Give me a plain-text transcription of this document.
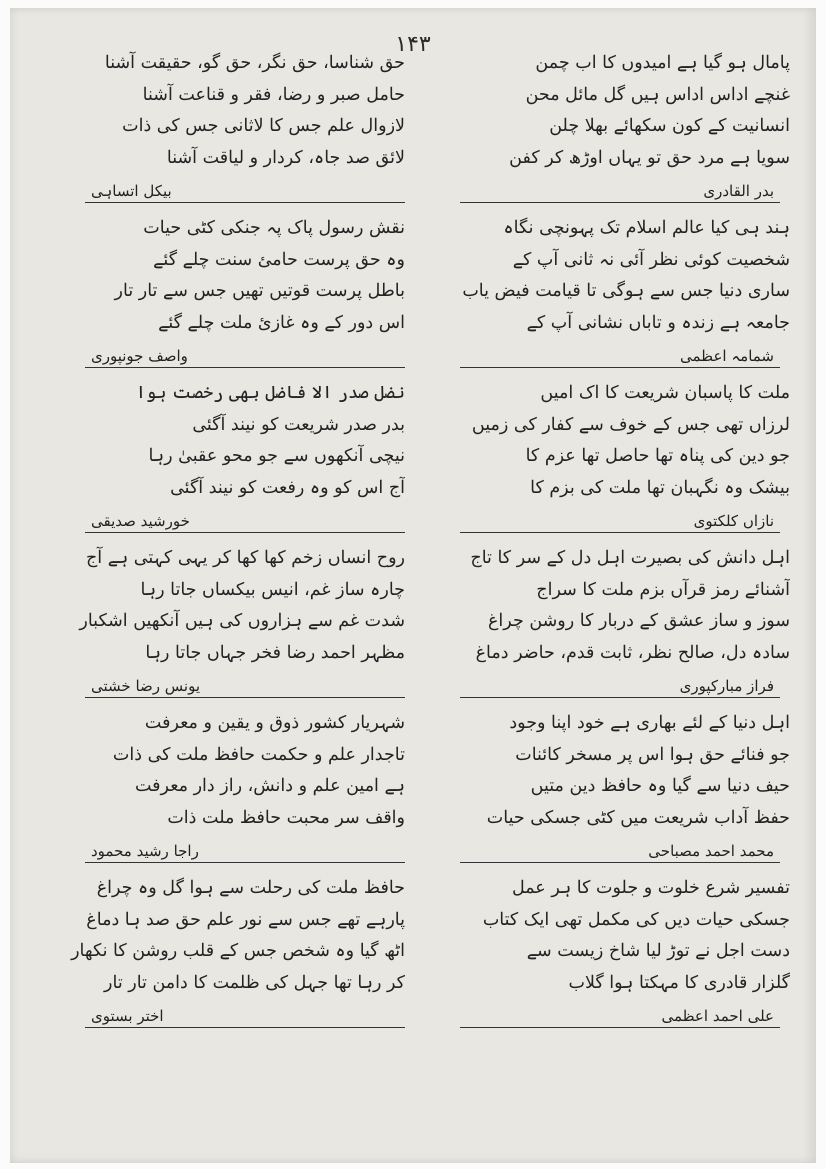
۱۴۳
پامال ہو گیا ہے امیدوں کا اب چمن
غنچے اداس اداس ہیں گل مائل محن
انسانیت کے کون سکھائے بھلا چلن
سویا ہے مرد حق تو یہاں اوڑھ کر کفن
بدر القادری
ہند ہی کیا عالم اسلام تک پہونچی نگاہ
شخصیت کوئی نظر آئی نہ ثانی آپ کے
ساری دنیا جس سے ہوگی تا قیامت فیض یاب
جامعہ ہے زندہ و تاباں نشانی آپ کے
شمامہ اعظمی
ملت کا پاسبان شریعت کا اک امیں
لرزاں تھی جس کے خوف سے کفار کی زمیں
جو دین کی پناہ تھا حاصل تھا عزم کا
بیشک وہ نگہبان تھا ملت کی بزم کا
نازاں کلکتوی
اہل دانش کی بصیرت اہل دل کے سر کا تاج
آشنائے رمز قرآں بزم ملت کا سراج
سوز و ساز عشق کے دربار کا روشن چراغ
سادہ دل، صالح نظر، ثابت قدم، حاضر دماغ
فراز مبارکپوری
اہل دنیا کے لئے بھاری ہے خود اپنا وجود
جو فنائے حق ہوا اس پر مسخر کائنات
حیف دنیا سے گیا وہ حافظ دین متیں
حفظ آداب شریعت میں کٹی جسکی حیات
محمد احمد مصباحی
تفسیر شرع خلوت و جلوت کا ہر عمل
جسکی حیات دیں کی مکمل تھی ایک کتاب
دست اجل نے توڑ لیا شاخ زیست سے
گلزار قادری کا مہکتا ہوا گلاب
علی احمد اعظمی
حق شناسا، حق نگر، حق گو، حقیقت آشنا
حامل صبر و رضا، فقر و قناعت آشنا
لازوال علم جس کا لاثانی جس کی ذات
لائق صد جاہ، کردار و لیاقت آشنا
بیکل اتساہی
نقش رسول پاک پہ جنکی کٹی حیات
وہ حق پرست حامئ سنت چلے گئے
باطل پرست قوتیں تھیں جس سے تار تار
اس دور کے وہ غازئ ملت چلے گئے
واصف جونپوری
نضل صدر الا فاضل بھی رخصت ہوا
بدر صدر شریعت کو نیند آگئی
نیچی آنکھوں سے جو محو عقبیٰ رہا
آج اس کو وہ رفعت کو نیند آگئی
خورشید صدیقی
روح انساں زخم کھا کھا کر یہی کہتی ہے آج
چارہ ساز غم، انیس بیکساں جاتا رہا
شدت غم سے ہزاروں کی ہیں آنکھیں اشکبار
مظہر احمد رضا فخر جہاں جاتا رہا
یونس رضا خشتی
شہریار کشور ذوق و یقین و معرفت
تاجدار علم و حکمت حافظ ملت کی ذات
ہے امین علم و دانش، راز دار معرفت
واقف سر محبت حافظ ملت ذات
راجا رشید محمود
حافظ ملت کی رحلت سے ہوا گل وہ چراغ
پارہے تھے جس سے نور علم حق صد ہا دماغ
اٹھ گیا وہ شخص جس کے قلب روشن کا نکھار
کر رہا تھا جہل کی ظلمت کا دامن تار تار
اختر بستوی
